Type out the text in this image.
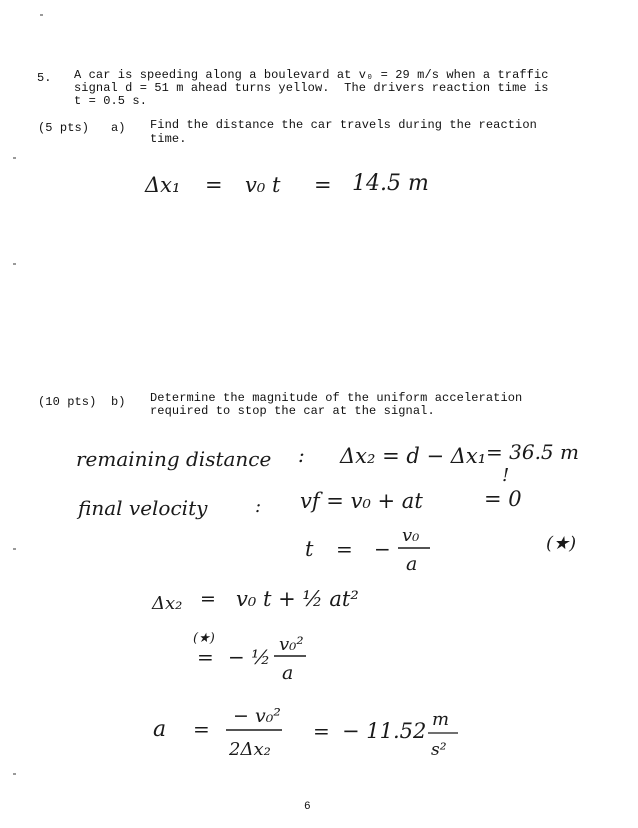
5. A car is speeding along a boulevard at v₀ = 29 m/s when a traffic
signal d = 51 m ahead turns yellow.  The drivers reaction time is
t = 0.5 s.
(5 pts) a) Find the distance the car travels during the reaction
time.
(10 pts) b) Determine the magnitude of the uniform acceleration
required to stop the car at the signal.
Δx₁ = v₀ t = 14.5 m
remaining distance : Δx₂ = d − Δx₁ = 36.5 m
!
final velocity	: vf = v₀ + at	= 0
t = −
v₀
a
(★)
Δx₂ = v₀ t + ½ at²
(★)
= − ½
v₀²
a
a =
− v₀²
2Δx₂
= − 11.52 m
s²
6
